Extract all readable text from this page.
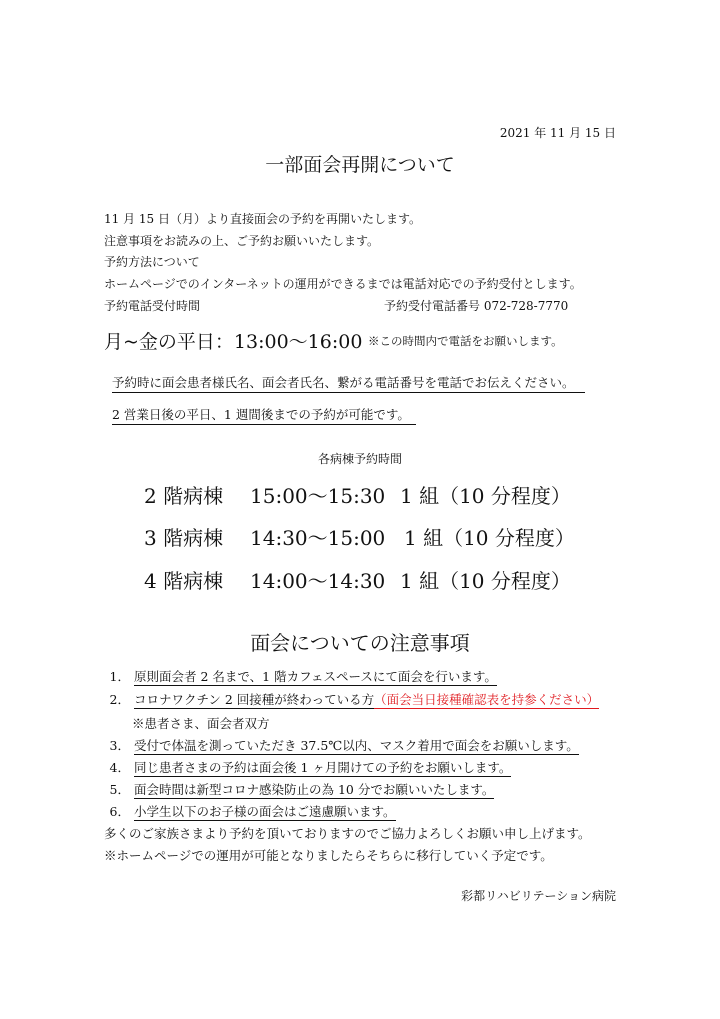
2021 年 11 月 15 日
一部面会再開について
11 月 15 日（月）より直接面会の予約を再開いたします。
注意事項をお読みの上、ご予約お願いいたします。
予約方法について
ホームページでのインターネットの運用ができるまでは電話対応での予約受付とします。
予約電話受付時間	予約受付電話番号 072-728-7770
月~金の平日：13:00〜16:00 ※この時間内で電話をお願いします。
予約時に面会患者様氏名、面会者氏名、繋がる電話番号を電話でお伝えください。
2 営業日後の平日、1 週間後までの予約が可能です。
各病棟予約時間
2 階病棟 15:00〜15:30 1 組（10 分程度）
3 階病棟 14:30〜15:00 1 組（10 分程度）
4 階病棟 14:00〜14:30 1 組（10 分程度）
面会についての注意事項
1． 原則面会者 2 名まで、1 階カフェスペースにて面会を行います。
2． コロナワクチン 2 回接種が終わっている方（面会当日接種確認表を持参ください）
※患者さま、面会者双方
3． 受付で体温を測っていただき 37.5℃以内、マスク着用で面会をお願いします。
4． 同じ患者さまの予約は面会後 1 ヶ月開けての予約をお願いします。
5． 面会時間は新型コロナ感染防止の為 10 分でお願いいたします。
6． 小学生以下のお子様の面会はご遠慮願います。
多くのご家族さまより予約を頂いておりますのでご協力よろしくお願い申し上げます。
※ホームページでの運用が可能となりましたらそちらに移行していく予定です。
彩都リハビリテーション病院
